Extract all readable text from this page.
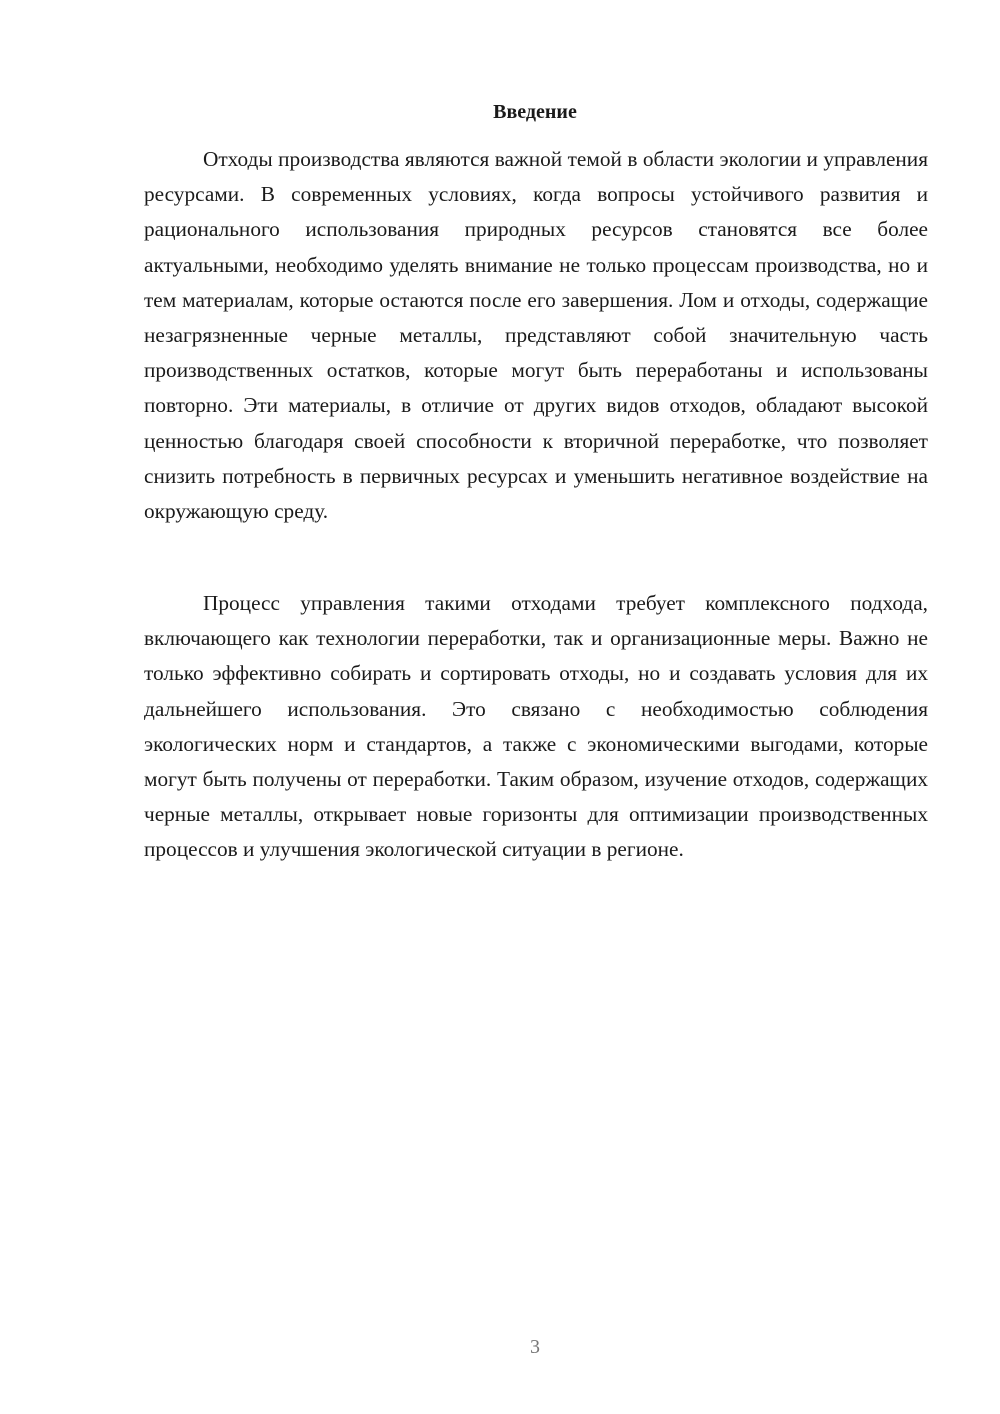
Введение

Отходы производства являются важной темой в области экологии и управления ресурсами. В современных условиях, когда вопросы устойчивого развития и рационального использования природных ресурсов становятся все более актуальными, необходимо уделять внимание не только процессам производства, но и тем материалам, которые остаются после его завершения. Лом и отходы, содержащие незагрязненные черные металлы, представляют собой значительную часть производственных остатков, которые могут быть переработаны и использованы повторно. Эти материалы, в отличие от других видов отходов, обладают высокой ценностью благодаря своей способности к вторичной переработке, что позволяет снизить потребность в первичных ресурсах и уменьшить негативное воздействие на окружающую среду.

Процесс управления такими отходами требует комплексного подхода, включающего как технологии переработки, так и организационные меры. Важно не только эффективно собирать и сортировать отходы, но и создавать условия для их дальнейшего использования. Это связано с необходимостью соблюдения экологических норм и стандартов, а также с экономическими выгодами, которые могут быть получены от переработки. Таким образом, изучение отходов, содержащих черные металлы, открывает новые горизонты для оптимизации производственных процессов и улучшения экологической ситуации в регионе.

3
